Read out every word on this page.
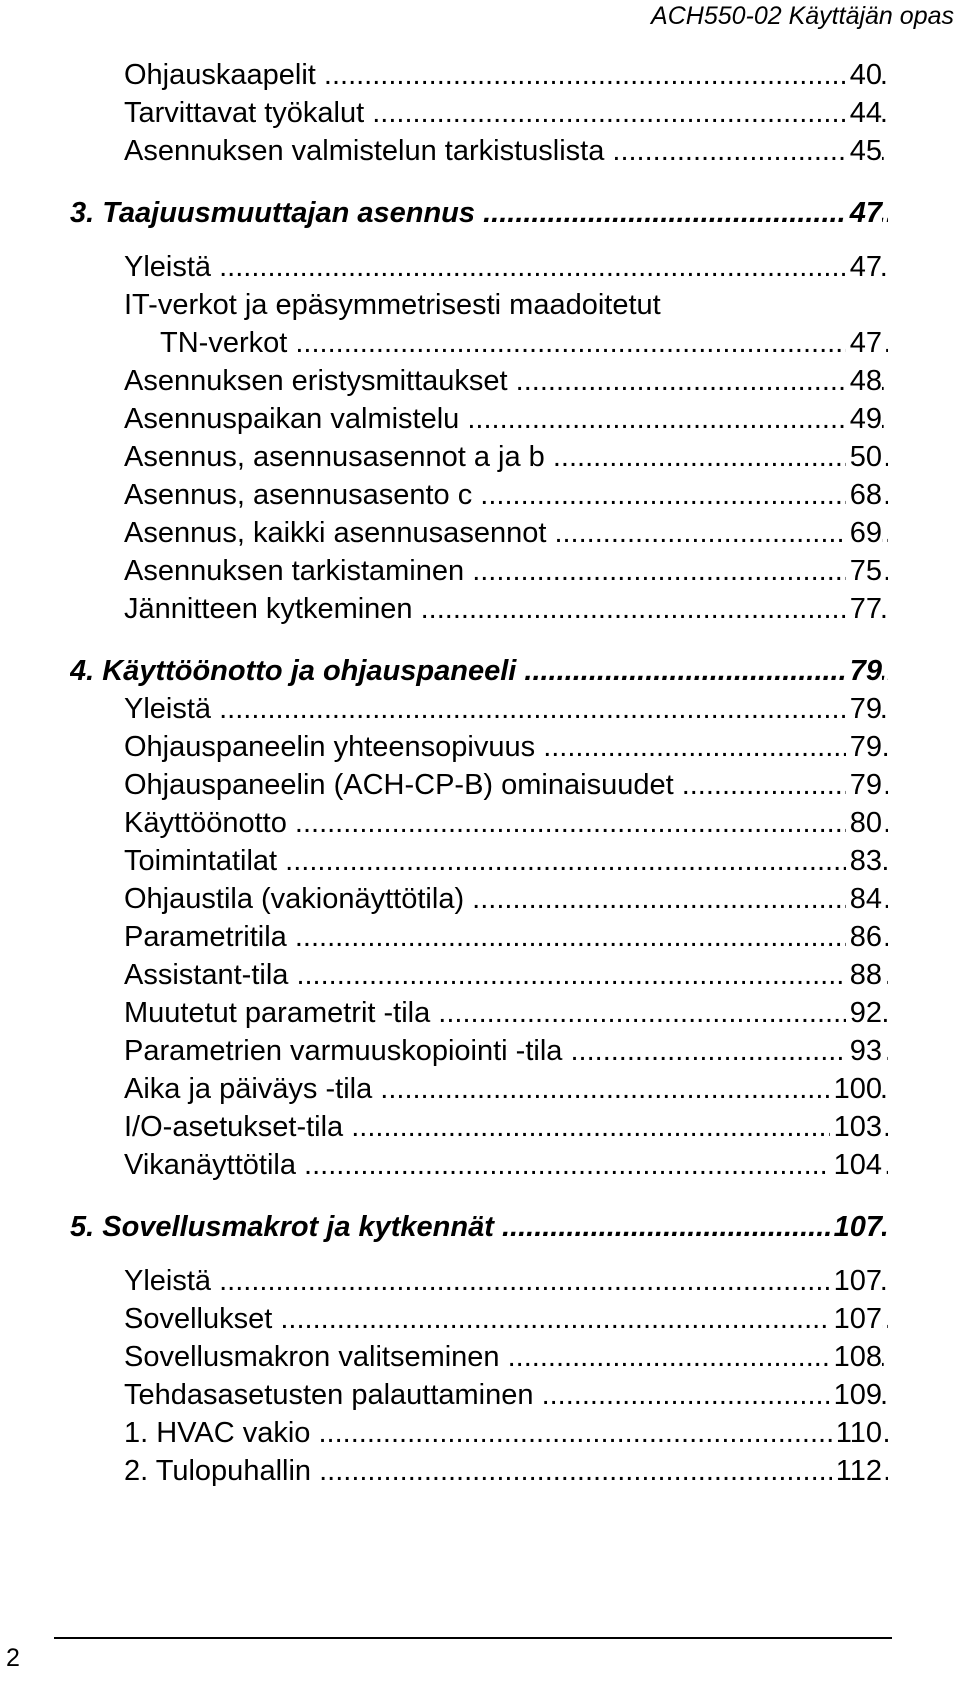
ACH550-02 Käyttäjän opas
Ohjauskaapelit .....	40
Tarvittavat työkalut .....	44
Asennuksen valmistelun tarkistuslista .....	45
3. Taajuusmuuttajan asennus .....	47
Yleistä .....	47
IT-verkot ja epäsymmetrisesti maadoitetut
TN-verkot .....	47
Asennuksen eristysmittaukset .....	48
Asennuspaikan valmistelu .....	49
Asennus, asennusasennot a ja b .....	50
Asennus, asennusasento c .....	68
Asennus, kaikki asennusasennot .....	69
Asennuksen tarkistaminen .....	75
Jännitteen kytkeminen .....	77
4. Käyttöönotto ja ohjauspaneeli .....	79
Yleistä .....	79
Ohjauspaneelin yhteensopivuus .....	79
Ohjauspaneelin (ACH-CP-B) ominaisuudet .....	79
Käyttöönotto .....	80
Toimintatilat .....	83
Ohjaustila (vakionäyttötila) .....	84
Parametritila .....	86
Assistant-tila .....	88
Muutetut parametrit -tila .....	92
Parametrien varmuuskopiointi -tila .....	93
Aika ja päiväys -tila .....	100
I/O-asetukset-tila .....	103
Vikanäyttötila .....	104
5. Sovellusmakrot ja kytkennät .....	107
Yleistä .....	107
Sovellukset .....	107
Sovellusmakron valitseminen .....	108
Tehdasasetusten palauttaminen .....	109
1. HVAC vakio .....	110
2. Tulopuhallin .....	112
2
